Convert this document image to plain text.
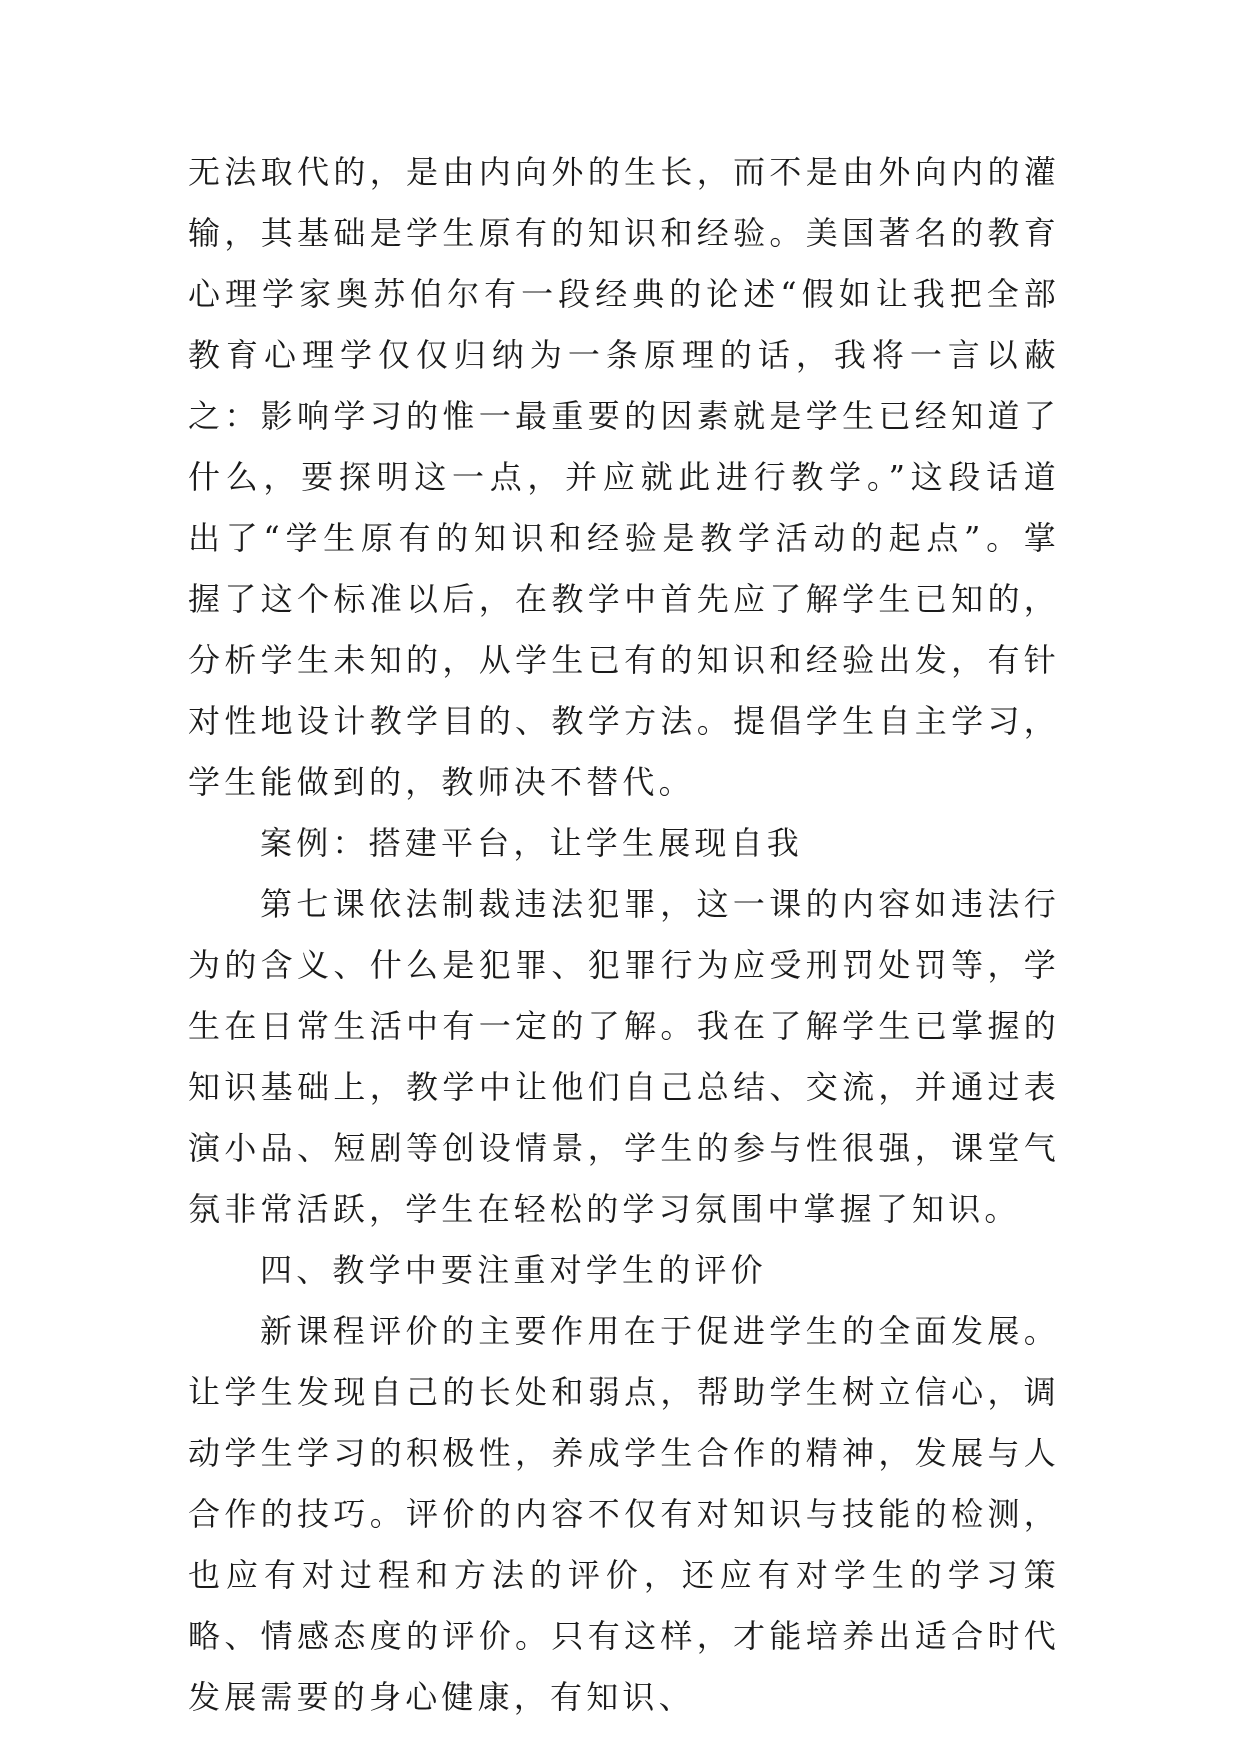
无法取代的，是由内向外的生长，而不是由外向内的灌输，其基础是学生原有的知识和经验。美国著名的教育心理学家奥苏伯尔有一段经典的论述“假如让我把全部教育心理学仅仅归纳为一条原理的话，我将一言以蔽之：影响学习的惟一最重要的因素就是学生已经知道了什么，要探明这一点，并应就此进行教学。”这段话道出了“学生原有的知识和经验是教学活动的起点”。掌握了这个标准以后，在教学中首先应了解学生已知的，分析学生未知的，从学生已有的知识和经验出发，有针对性地设计教学目的、教学方法。提倡学生自主学习，学生能做到的，教师决不替代。

案例：搭建平台，让学生展现自我

第七课依法制裁违法犯罪，这一课的内容如违法行为的含义、什么是犯罪、犯罪行为应受刑罚处罚等，学生在日常生活中有一定的了解。我在了解学生已掌握的知识基础上，教学中让他们自己总结、交流，并通过表演小品、短剧等创设情景，学生的参与性很强，课堂气氛非常活跃，学生在轻松的学习氛围中掌握了知识。

四、教学中要注重对学生的评价

新课程评价的主要作用在于促进学生的全面发展。让学生发现自己的长处和弱点，帮助学生树立信心，调动学生学习的积极性，养成学生合作的精神，发展与人合作的技巧。评价的内容不仅有对知识与技能的检测，也应有对过程和方法的评价，还应有对学生的学习策略、情感态度的评价。只有这样，才能培养出适合时代发展需要的身心健康，有知识、
